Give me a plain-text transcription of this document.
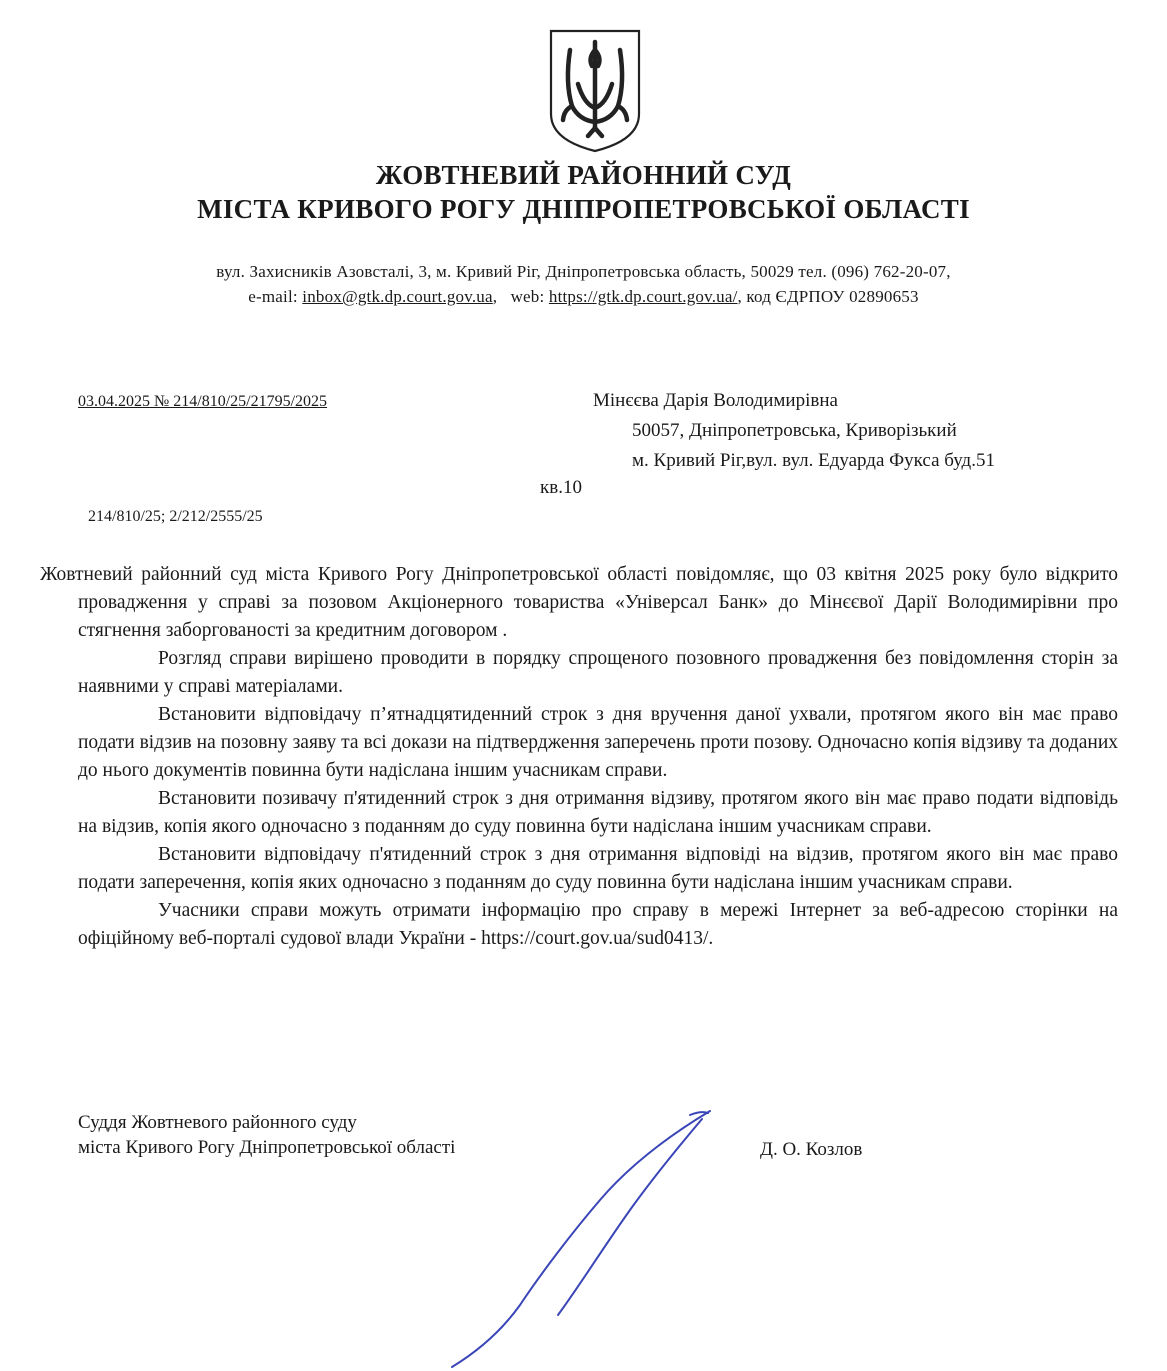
ЖОВТНЕВИЙ РАЙОННИЙ СУД
МІСТА КРИВОГО РОГУ ДНІПРОПЕТРОВСЬКОЇ ОБЛАСТІ
вул. Захисників Азовсталі, 3, м. Кривий Ріг, Дніпропетровська область, 50029 тел. (096) 762-20-07,
e-mail: inbox@gtk.dp.court.gov.ua,   web: https://gtk.dp.court.gov.ua/, код ЄДРПОУ 02890653
03.04.2025 № 214/810/25/21795/2025	Мінєєва Дарія Володимирівна
50057, Дніпропетровська, Криворізький
м. Кривий Ріг,вул. вул. Едуарда Фукса буд.51
кв.10
214/810/25; 2/212/2555/25

Жовтневий районний суд міста Кривого Рогу Дніпропетровської області повідомляє, що 03 квітня 2025 року було відкрито провадження у справі за позовом Акціонерного товариства «Універсал Банк» до Мінєєвої Дарії Володимирівни про стягнення заборгованості за кредитним договором .

Розгляд справи вирішено проводити в порядку спрощеного позовного провадження без повідомлення сторін за наявними у справі матеріалами.

Встановити відповідачу п’ятнадцятиденний строк з дня вручення даної ухвали, протягом якого він має право подати відзив на позовну заяву та всі докази на підтвердження заперечень проти позову. Одночасно копія відзиву та доданих до нього документів повинна бути надіслана іншим учасникам справи.

Встановити позивачу п'ятиденний строк з дня отримання відзиву, протягом якого він має право подати відповідь на відзив, копія якого одночасно з поданням до суду повинна бути надіслана іншим учасникам справи.

Встановити відповідачу п'ятиденний строк з дня отримання відповіді на відзив, протягом якого він має право подати заперечення, копія яких одночасно з поданням до суду повинна бути надіслана іншим учасникам справи.

Учасники справи можуть отримати інформацію про справу в мережі Інтернет за веб-адресою сторінки на офіційному веб-порталі судової влади України - https://court.gov.ua/sud0413/.

Суддя Жовтневого районного суду
міста Кривого Рогу Дніпропетровської області	Д. О. Козлов
